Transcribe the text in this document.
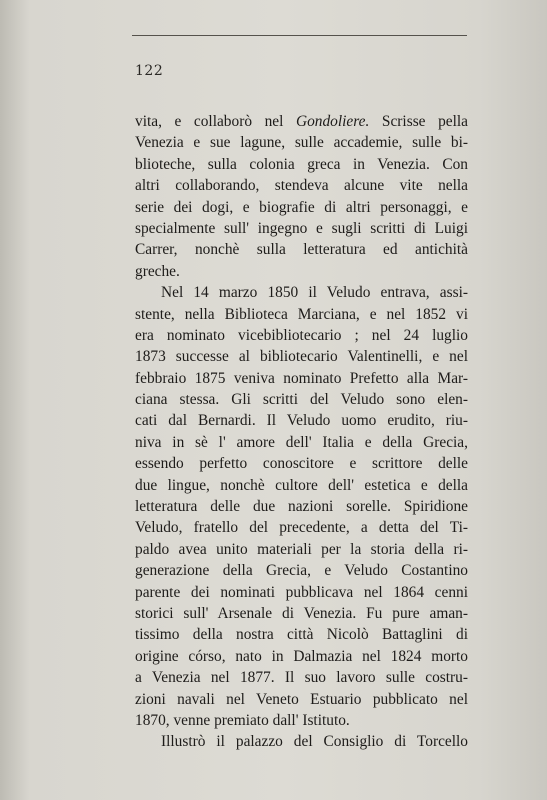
122
vita, e collaborò nel Gondoliere. Scrisse pella
Venezia e sue lagune, sulle accademie, sulle bi-
blioteche, sulla colonia greca in Venezia. Con
altri collaborando, stendeva alcune vite nella
serie dei dogi, e biografie di altri personaggi, e
specialmente sull' ingegno e sugli scritti di Luigi
Carrer, nonchè sulla letteratura ed antichità
greche.
Nel 14 marzo 1850 il Veludo entrava, assi-
stente, nella Biblioteca Marciana, e nel 1852 vi
era nominato vicebibliotecario ; nel 24 luglio
1873 successe al bibliotecario Valentinelli, e nel
febbraio 1875 veniva nominato Prefetto alla Mar-
ciana stessa. Gli scritti del Veludo sono elen-
cati dal Bernardi. Il Veludo uomo erudito, riu-
niva in sè l' amore dell' Italia e della Grecia,
essendo perfetto conoscitore e scrittore delle
due lingue, nonchè cultore dell' estetica e della
letteratura delle due nazioni sorelle. Spiridione
Veludo, fratello del precedente, a detta del Ti-
paldo avea unito materiali per la storia della ri-
generazione della Grecia, e Veludo Costantino
parente dei nominati pubblicava nel 1864 cenni
storici sull' Arsenale di Venezia. Fu pure aman-
tissimo della nostra città Nicolò Battaglini di
origine córso, nato in Dalmazia nel 1824 morto
a Venezia nel 1877. Il suo lavoro sulle costru-
zioni navali nel Veneto Estuario pubblicato nel
1870, venne premiato dall' Istituto.
Illustrò il palazzo del Consiglio di Torcello
